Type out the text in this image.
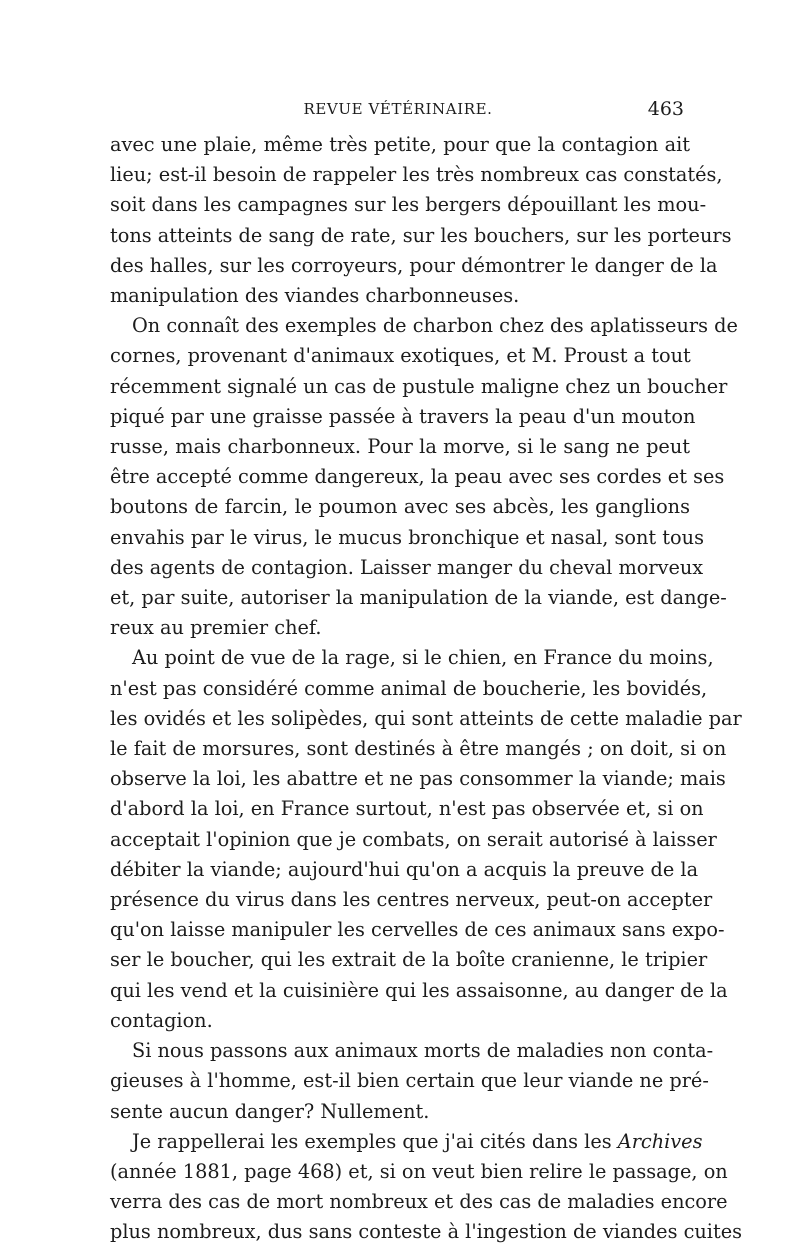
REVUE VÉTÉRINAIRE.	463
avec une plaie, même très petite, pour que la contagion ait
lieu; est-il besoin de rappeler les très nombreux cas constatés,
soit dans les campagnes sur les bergers dépouillant les mou-
tons atteints de sang de rate, sur les bouchers, sur les porteurs
des halles, sur les corroyeurs, pour démontrer le danger de la
manipulation des viandes charbonneuses.
On connaît des exemples de charbon chez des aplatisseurs de
cornes, provenant d'animaux exotiques, et M. Proust a tout
récemment signalé un cas de pustule maligne chez un boucher
piqué par une graisse passée à travers la peau d'un mouton
russe, mais charbonneux. Pour la morve, si le sang ne peut
être accepté comme dangereux, la peau avec ses cordes et ses
boutons de farcin, le poumon avec ses abcès, les ganglions
envahis par le virus, le mucus bronchique et nasal, sont tous
des agents de contagion. Laisser manger du cheval morveux
et, par suite, autoriser la manipulation de la viande, est dange-
reux au premier chef.
Au point de vue de la rage, si le chien, en France du moins,
n'est pas considéré comme animal de boucherie, les bovidés,
les ovidés et les solipèdes, qui sont atteints de cette maladie par
le fait de morsures, sont destinés à être mangés ; on doit, si on
observe la loi, les abattre et ne pas consommer la viande; mais
d'abord la loi, en France surtout, n'est pas observée et, si on
acceptait l'opinion que je combats, on serait autorisé à laisser
débiter la viande; aujourd'hui qu'on a acquis la preuve de la
présence du virus dans les centres nerveux, peut-on accepter
qu'on laisse manipuler les cervelles de ces animaux sans expo-
ser le boucher, qui les extrait de la boîte cranienne, le tripier
qui les vend et la cuisinière qui les assaisonne, au danger de la
contagion.
Si nous passons aux animaux morts de maladies non conta-
gieuses à l'homme, est-il bien certain que leur viande ne pré-
sente aucun danger? Nullement.
Je rappellerai les exemples que j'ai cités dans les Archives
(année 1881, page 468) et, si on veut bien relire le passage, on
verra des cas de mort nombreux et des cas de maladies encore
plus nombreux, dus sans conteste à l'ingestion de viandes cuites
